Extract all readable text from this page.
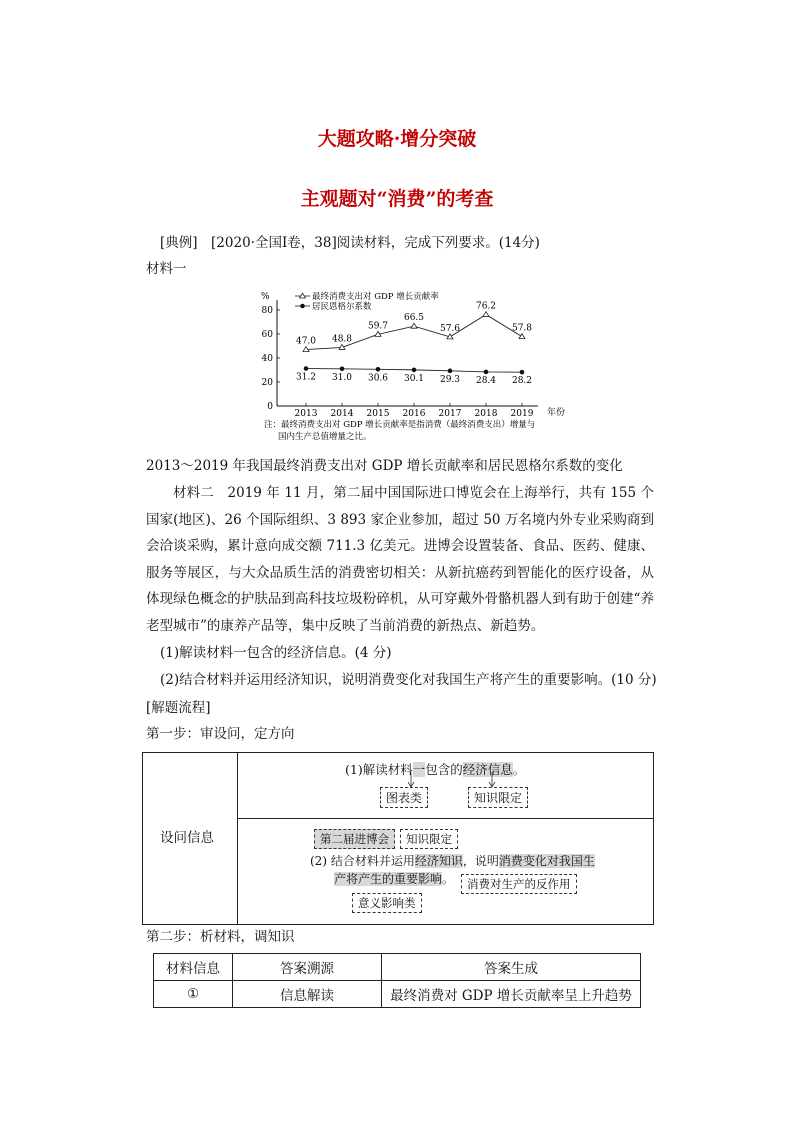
大题攻略·增分突破
主观题对“消费”的考查
[典例]　[2020·全国Ⅰ卷，38]阅读材料，完成下列要求。(14分)
材料一
%
0
20
40
60
80
2013 2014 2015 2016 2017 2018 2019
47.0 48.8
59.7
66.5
57.6
76.2
57.8
31.2 31.0 30.6 30.1 29.3 28.4 28.2
最终消费支出对 GDP 增长贡献率
居民恩格尔系数
年份
注：最终消费支出对 GDP 增长贡献率是指消费（最终消费支出）增量与
国内生产总值增量之比。
2013～2019 年我国最终消费支出对 GDP 增长贡献率和居民恩格尔系数的变化
材料二　2019 年 11 月，第二届中国国际进口博览会在上海举行，共有 155 个国家(地区)、26 个国际组织、3 893 家企业参加，超过 50 万名境内外专业采购商到会洽谈采购，累计意向成交额 711.3 亿美元。进博会设置装备、食品、医药、健康、服务等展区，与大众品质生活的消费密切相关：从新抗癌药到智能化的医疗设备，从体现绿色概念的护肤品到高科技垃圾粉碎机，从可穿戴外骨骼机器人到有助于创建“养老型城市”的康养产品等，集中反映了当前消费的新热点、新趋势。
(1)解读材料一包含的经济信息。(4 分)
(2)结合材料并运用经济知识，说明消费变化对我国生产将产生的重要影响。(10 分)
[解题流程]
第一步：审设问，定方向
设问信息
(1)解读材料一包含的经济信息。
图表类	知识限定
第二届进博会	知识限定
(2) 结合材料并运用经济知识，说明消费变化对我国生
产将产生的重要影响。	消费对生产的反作用
意义影响类
第二步：析材料，调知识
材料信息	答案溯源	答案生成
①	信息解读	最终消费对 GDP 增长贡献率呈上升趋势
